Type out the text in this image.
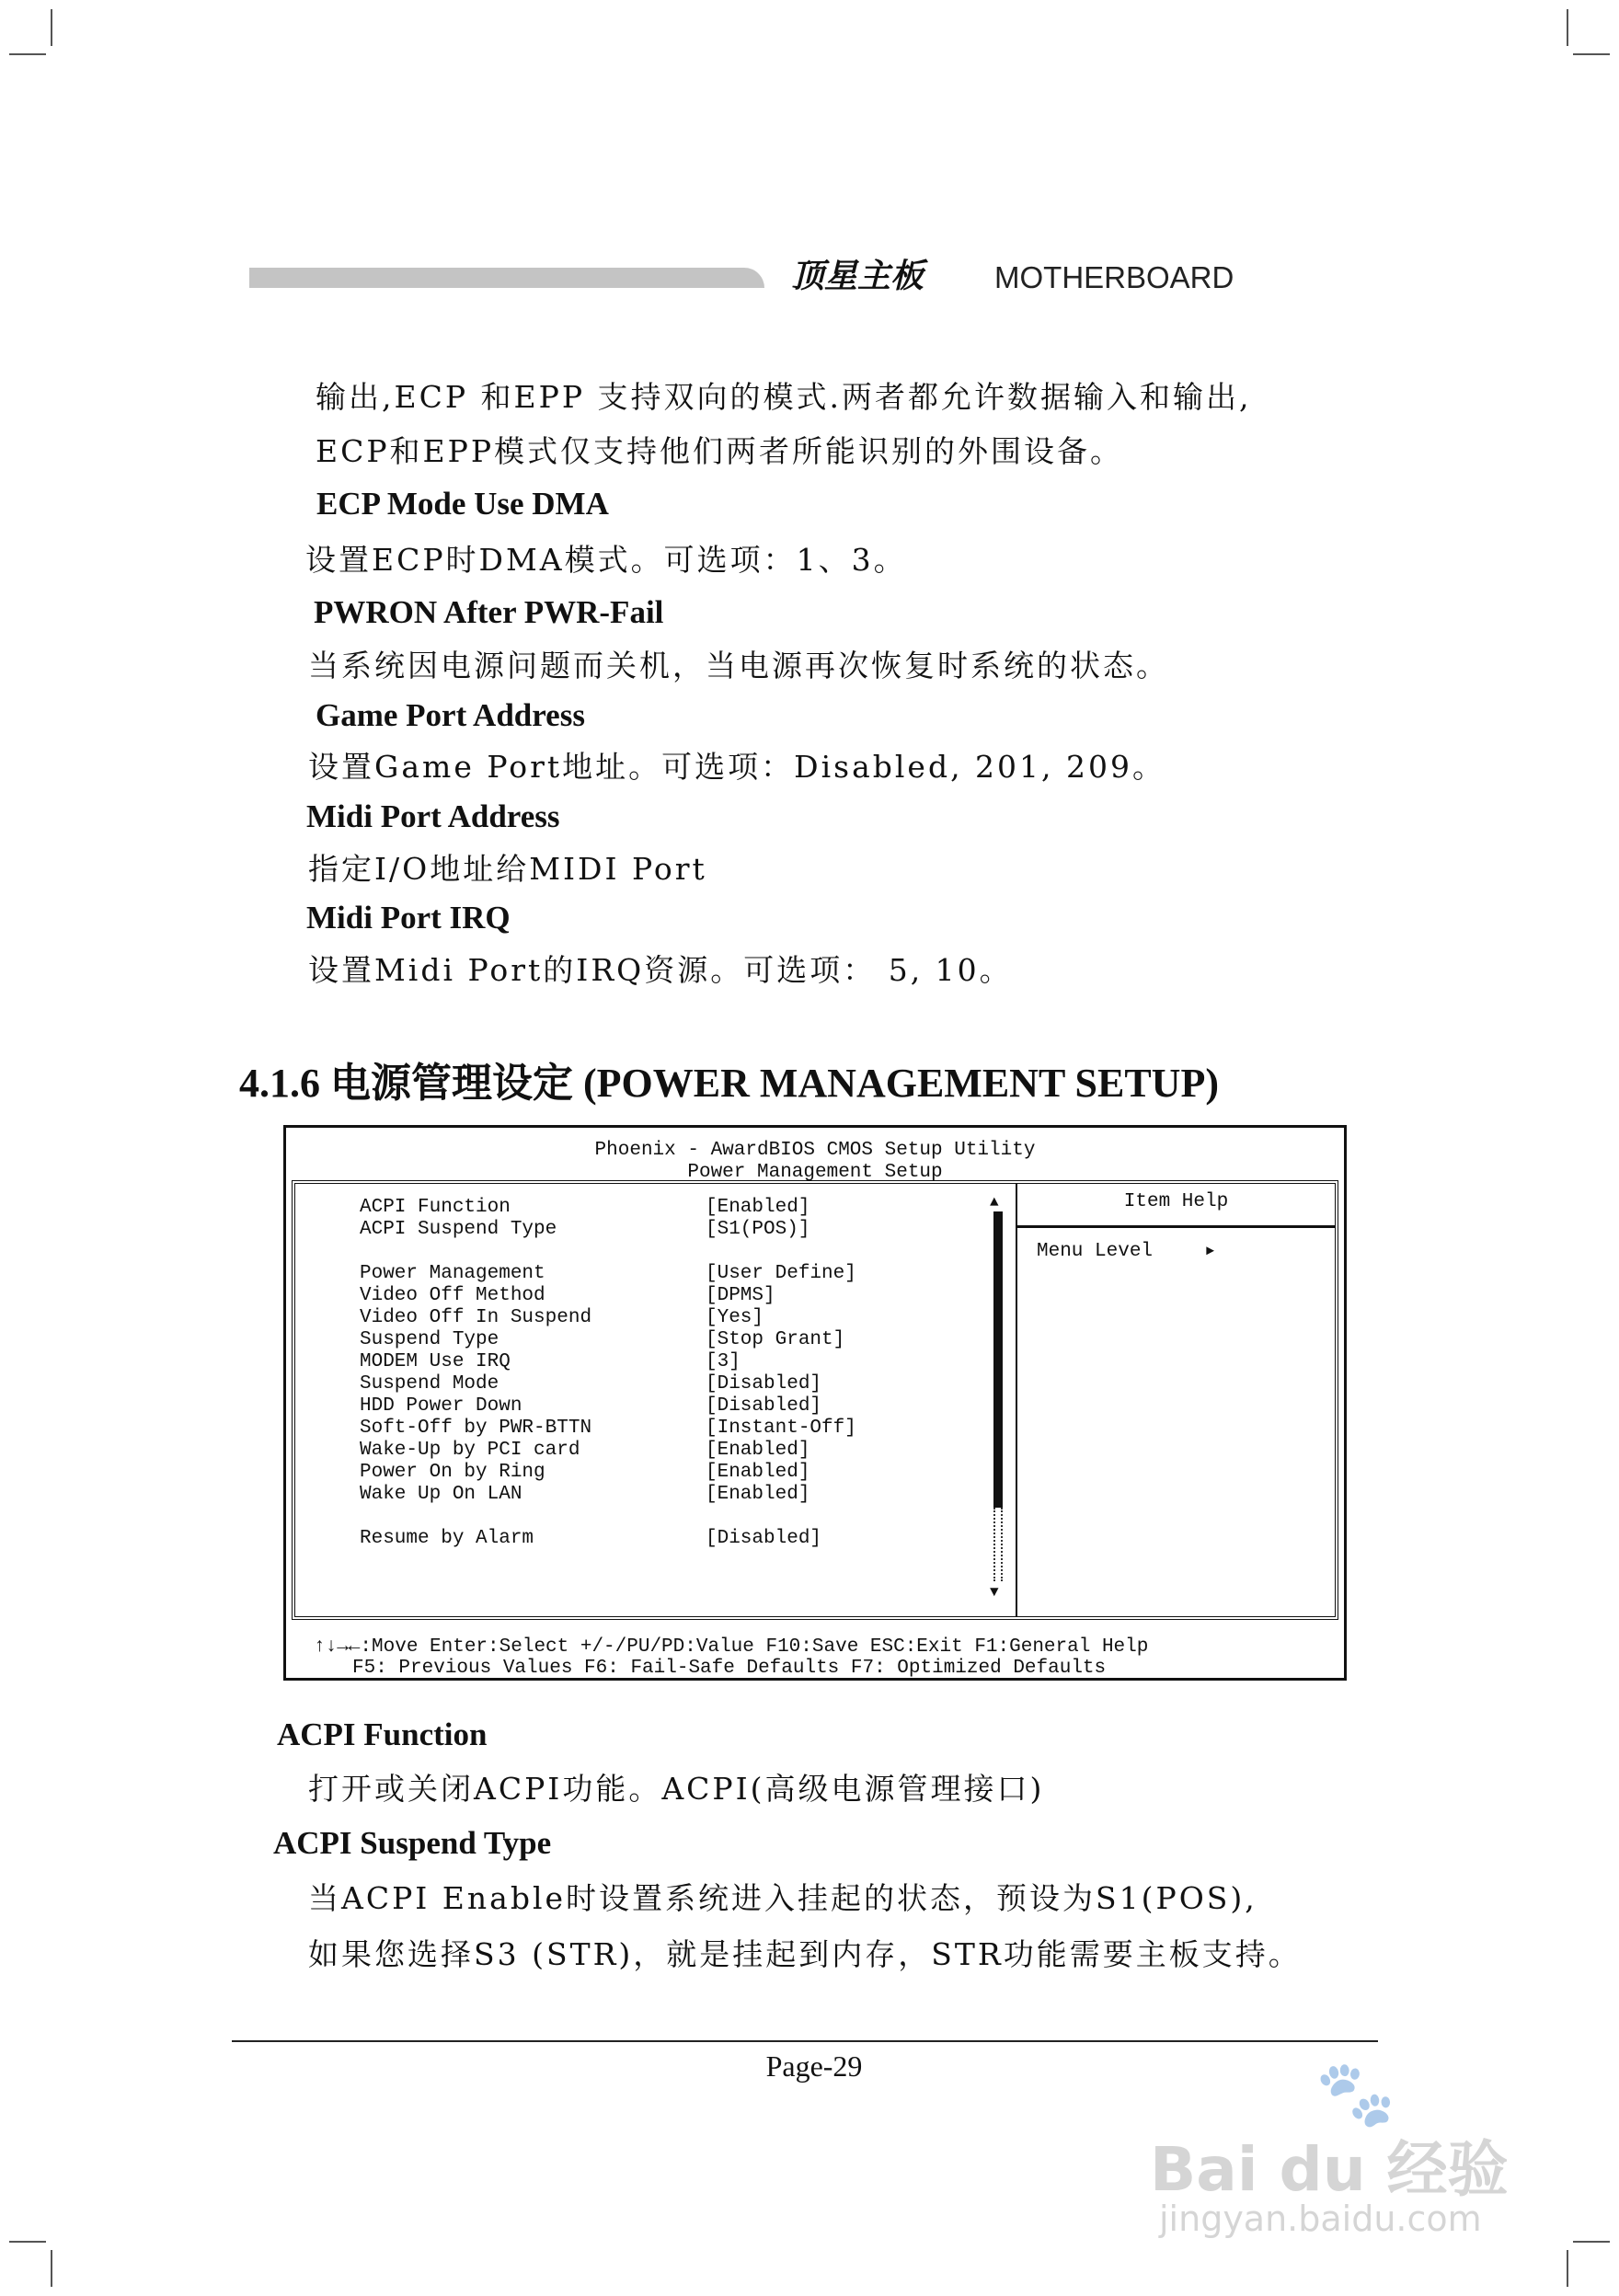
顶星主板 MOTHERBOARD
输出,ECP 和EPP 支持双向的模式.两者都允许数据输入和输出,
ECP和EPP模式仅支持他们两者所能识别的外围设备。
ECP Mode Use DMA
设置ECP时DMA模式。可选项：1、3。
PWRON After PWR-Fail
当系统因电源问题而关机，当电源再次恢复时系统的状态。
Game Port Address
设置Game Port地址。可选项：Disabled, 201, 209。
Midi Port Address
指定I/O地址给MIDI Port
Midi Port IRQ
设置Midi Port的IRQ资源。可选项： 5, 10。
4.1.6 电源管理设定 (POWER MANAGEMENT SETUP)
Phoenix - AwardBIOS CMOS Setup Utility
Power Management Setup
ACPI Function	[Enabled]
ACPI Suspend Type	[S1(POS)]
Power Management	[User Define]
Video Off Method	[DPMS]
Video Off In Suspend	[Yes]
Suspend Type	[Stop Grant]
MODEM Use IRQ	[3]
Suspend Mode	[Disabled]
HDD Power Down	[Disabled]
Soft-Off by PWR-BTTN	[Instant-Off]
Wake-Up by PCI card	[Enabled]
Power On by Ring	[Enabled]
Wake Up On LAN	[Enabled]
Resume by Alarm	[Disabled]
▲
▼
Item Help
Menu Level	►
↑↓→←:Move Enter:Select +/-/PU/PD:Value F10:Save ESC:Exit F1:General Help
F5: Previous Values F6: Fail-Safe Defaults F7: Optimized Defaults
ACPI Function
打开或关闭ACPI功能。ACPI(高级电源管理接口)
ACPI Suspend Type
当ACPI Enable时设置系统进入挂起的状态，预设为S1(POS),
如果您选择S3 (STR)，就是挂起到内存，STR功能需要主板支持。
Page-29	🐾
Bai du 经验
jingyan.baidu.com
